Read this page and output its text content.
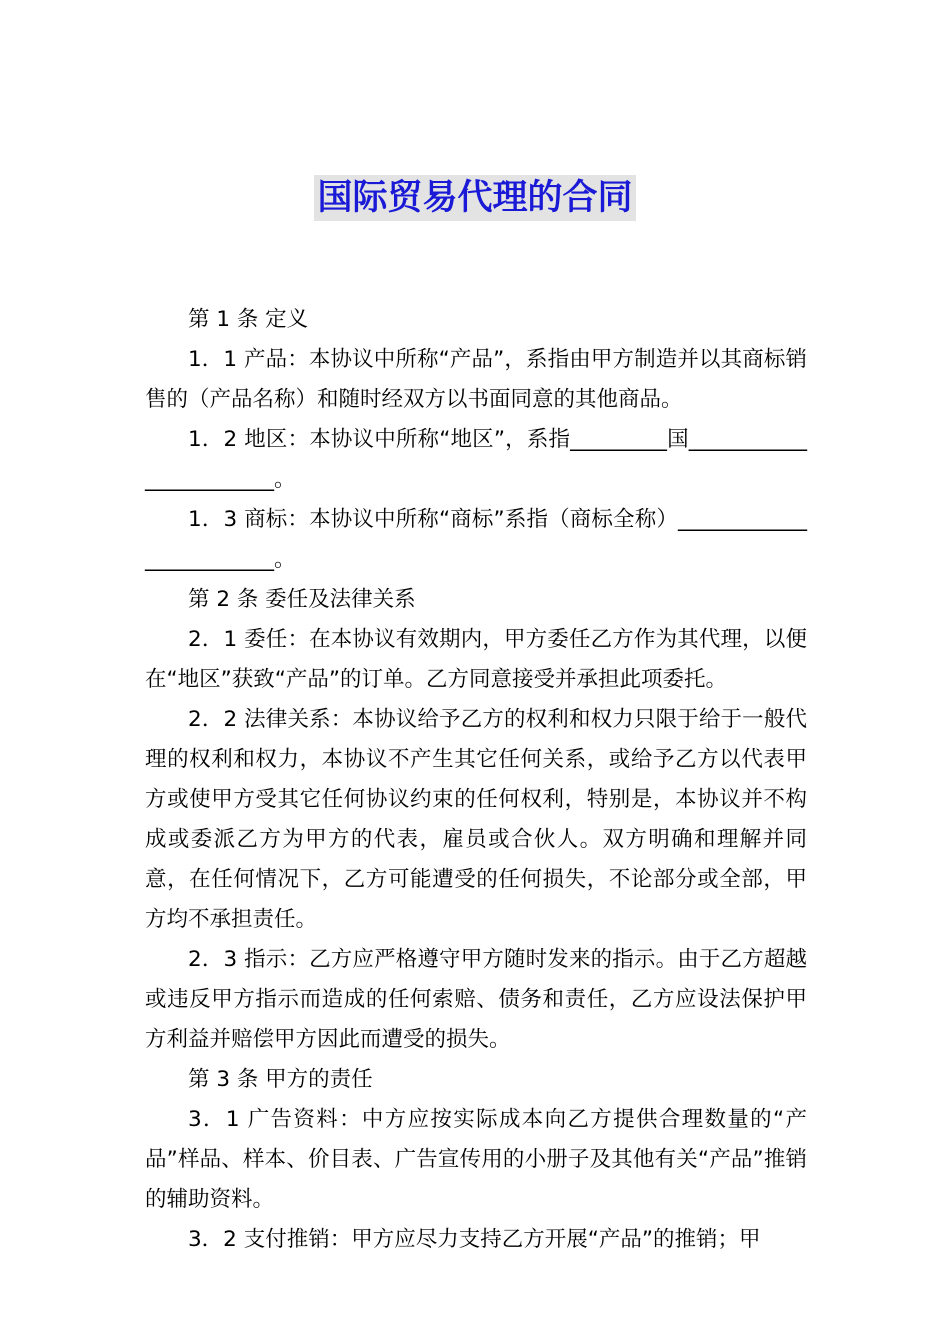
国际贸易代理的合同

第 1 条 定义

1．1 产品：本协议中所称“产品”，系指由甲方制造并以其商标销售的（产品名称）和随时经双方以书面同意的其他商品。

1．2 地区：本协议中所称“地区”，系指_________国_______________________。

1．3 商标：本协议中所称“商标”系指（商标全称）________________________。

第 2 条 委任及法律关系

2．1 委任：在本协议有效期内，甲方委任乙方作为其代理，以便在“地区”获致“产品”的订单。乙方同意接受并承担此项委托。

2．2 法律关系：本协议给予乙方的权利和权力只限于给于一般代理的权利和权力，本协议不产生其它任何关系，或给予乙方以代表甲方或使甲方受其它任何协议约束的任何权利，特别是，本协议并不构成或委派乙方为甲方的代表，雇员或合伙人。双方明确和理解并同意，在任何情况下，乙方可能遭受的任何损失，不论部分或全部，甲方均不承担责任。

2．3 指示：乙方应严格遵守甲方随时发来的指示。由于乙方超越或违反甲方指示而造成的任何索赔、债务和责任，乙方应设法保护甲方利益并赔偿甲方因此而遭受的损失。

第 3 条 甲方的责任

3．1 广告资料：中方应按实际成本向乙方提供合理数量的“产品”样品、样本、价目表、广告宣传用的小册子及其他有关“产品”推销的辅助资料。

3．2 支付推销：甲方应尽力支持乙方开展“产品”的推销；甲
